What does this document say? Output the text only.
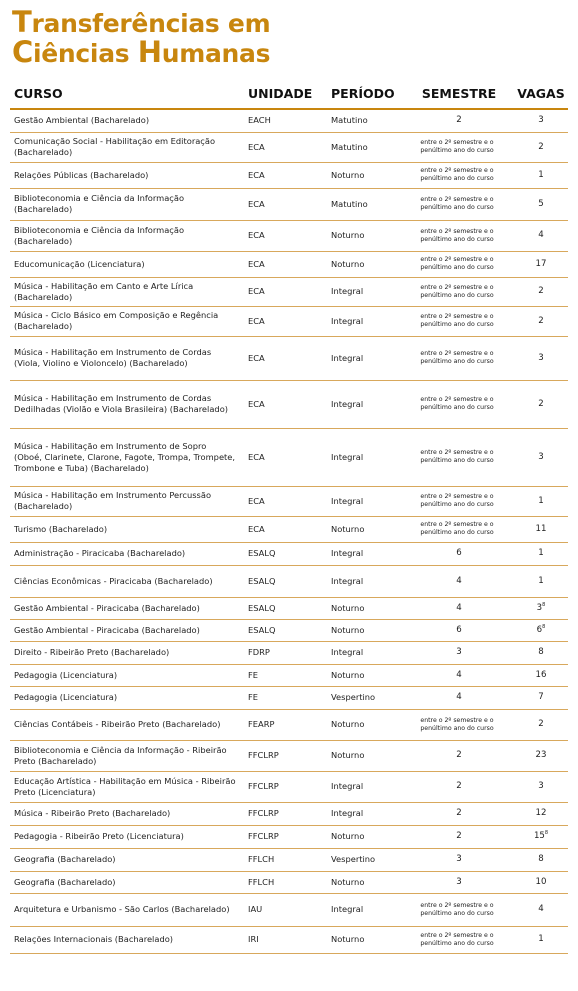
Transferências em
Ciências Humanas
CURSO	UNIDADE	PERÍODO	SEMESTRE	VAGAS
Gestão Ambiental (Bacharelado)	EACH	Matutino	2	3
Comunicação Social - Habilitação em Editoração (Bacharelado)	ECA	Matutino	entre o 2º semestre e o penúltimo ano do curso	2
Relações Públicas (Bacharelado)	ECA	Noturno	entre o 2º semestre e o penúltimo ano do curso	1
Biblioteconomia e Ciência da Informação (Bacharelado)	ECA	Matutino	entre o 2º semestre e o penúltimo ano do curso	5
Biblioteconomia e Ciência da Informação (Bacharelado)	ECA	Noturno	entre o 2º semestre e o penúltimo ano do curso	4
Educomunicação (Licenciatura)	ECA	Noturno	entre o 2º semestre e o penúltimo ano do curso	17
Música - Habilitação em Canto e Arte Lírica (Bacharelado)	ECA	Integral	entre o 2º semestre e o penúltimo ano do curso	2
Música - Ciclo Básico em Composição e Regência (Bacharelado)	ECA	Integral	entre o 2º semestre e o penúltimo ano do curso	2
Música - Habilitação em Instrumento de Cordas (Viola, Violino e Violoncelo) (Bacharelado)	ECA	Integral	entre o 2º semestre e o penúltimo ano do curso	3
Música - Habilitação em Instrumento de Cordas Dedilhadas (Violão e Viola Brasileira) (Bacharelado)	ECA	Integral	entre o 2º semestre e o penúltimo ano do curso	2
Música - Habilitação em Instrumento de Sopro (Oboé, Clarinete, Clarone, Fagote, Trompa, Trompete, Trombone e Tuba) (Bacharelado)	ECA	Integral	entre o 2º semestre e o penúltimo ano do curso	3
Música - Habilitação em Instrumento Percussão (Bacharelado)	ECA	Integral	entre o 2º semestre e o penúltimo ano do curso	1
Turismo (Bacharelado)	ECA	Noturno	entre o 2º semestre e o penúltimo ano do curso	11
Administração - Piracicaba (Bacharelado)	ESALQ	Integral	6	1
Ciências Econômicas - Piracicaba (Bacharelado)	ESALQ	Integral	4	1
Gestão Ambiental - Piracicaba (Bacharelado)	ESALQ	Noturno	4	$3^8$
Gestão Ambiental - Piracicaba (Bacharelado)	ESALQ	Noturno	6	$6^8$
Direito - Ribeirão Preto (Bacharelado)	FDRP	Integral	3	8
Pedagogia (Licenciatura)	FE	Noturno	4	16
Pedagogia (Licenciatura)	FE	Vespertino	4	7
Ciências Contábeis - Ribeirão Preto (Bacharelado)	FEARP	Noturno	entre o 2º semestre e o penúltimo ano do curso	2
Biblioteconomia e Ciência da Informação - Ribeirão Preto (Bacharelado)	FFCLRP	Noturno	2	23
Educação Artística - Habilitação em Música - Ribeirão Preto (Licenciatura)	FFCLRP	Integral	2	3
Música - Ribeirão Preto (Bacharelado)	FFCLRP	Integral	2	12
Pedagogia - Ribeirão Preto (Licenciatura)	FFCLRP	Noturno	2	$15^8$
Geografia (Bacharelado)	FFLCH	Vespertino	3	8
Geografia (Bacharelado)	FFLCH	Noturno	3	10
Arquitetura e Urbanismo - São Carlos (Bacharelado)	IAU	Integral	entre o 2º semestre e o penúltimo ano do curso	4
Relações Internacionais (Bacharelado)	IRI	Noturno	entre o 2º semestre e o penúltimo ano do curso	1
